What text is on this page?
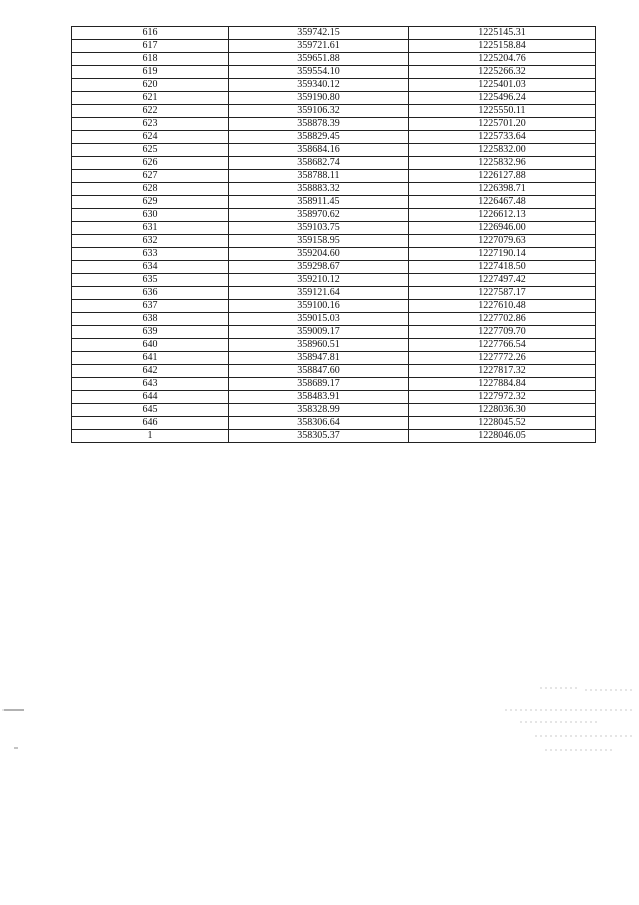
616	359742.15	1225145.31
617	359721.61	1225158.84
618	359651.88	1225204.76
619	359554.10	1225266.32
620	359340.12	1225401.03
621	359190.80	1225496.24
622	359106.32	1225550.11
623	358878.39	1225701.20
624	358829.45	1225733.64
625	358684.16	1225832.00
626	358682.74	1225832.96
627	358788.11	1226127.88
628	358883.32	1226398.71
629	358911.45	1226467.48
630	358970.62	1226612.13
631	359103.75	1226946.00
632	359158.95	1227079.63
633	359204.60	1227190.14
634	359298.67	1227418.50
635	359210.12	1227497.42
636	359121.64	1227587.17
637	359100.16	1227610.48
638	359015.03	1227702.86
639	359009.17	1227709.70
640	358960.51	1227766.54
641	358947.81	1227772.26
642	358847.60	1227817.32
643	358689.17	1227884.84
644	358483.91	1227972.32
645	358328.99	1228036.30
646	358306.64	1228045.52
1	358305.37	1228046.05
